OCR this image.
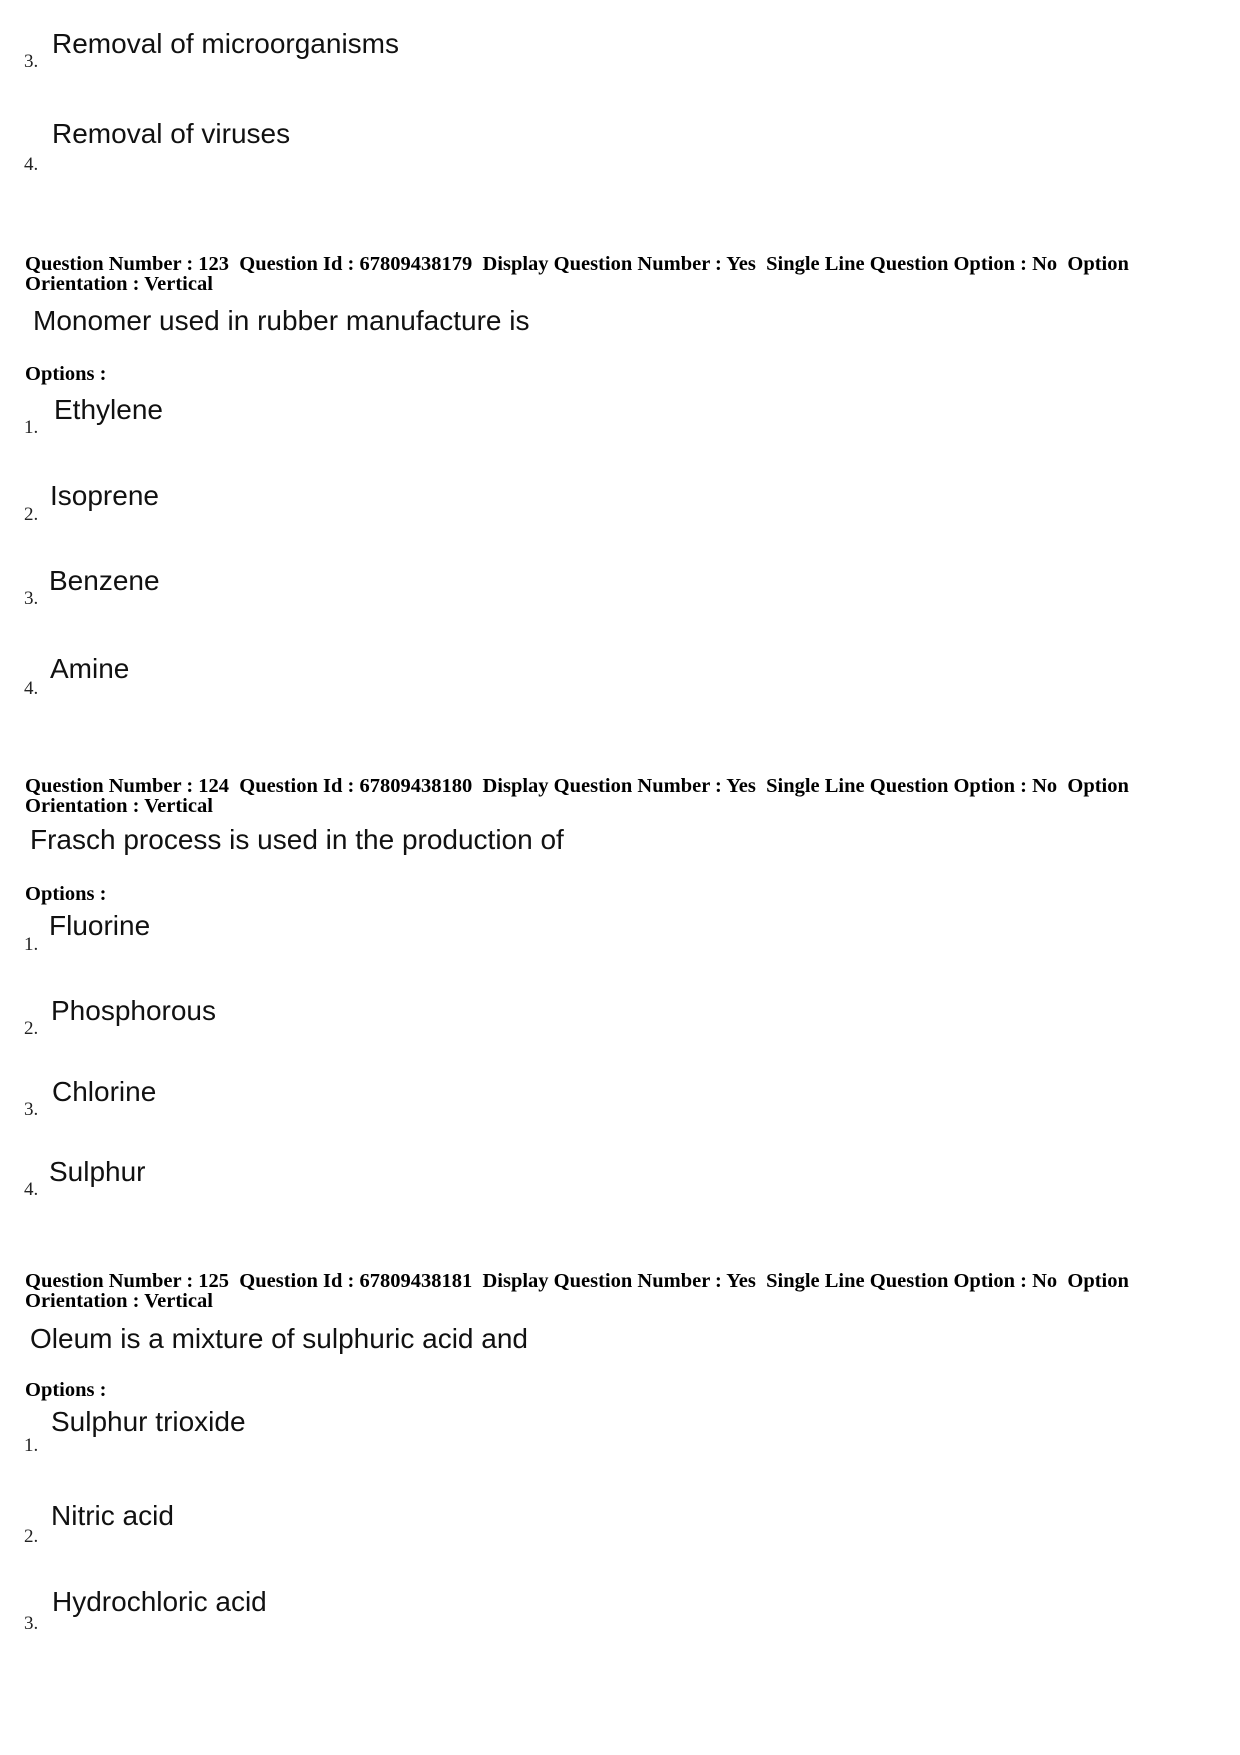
Removal of microorganisms
3.
Removal of viruses
4.
Question Number : 123  Question Id : 67809438179  Display Question Number : Yes  Single Line Question Option : No  Option
Orientation : Vertical
Monomer used in rubber manufacture is
Options :
Ethylene
1.
Isoprene
2.
Benzene
3.
Amine
4.
Question Number : 124  Question Id : 67809438180  Display Question Number : Yes  Single Line Question Option : No  Option
Orientation : Vertical
Frasch process is used in the production of
Options :
Fluorine
1.
Phosphorous
2.
Chlorine
3.
Sulphur
4.
Question Number : 125  Question Id : 67809438181  Display Question Number : Yes  Single Line Question Option : No  Option
Orientation : Vertical
Oleum is a mixture of sulphuric acid and
Options :
Sulphur trioxide
1.
Nitric acid
2.
Hydrochloric acid
3.
